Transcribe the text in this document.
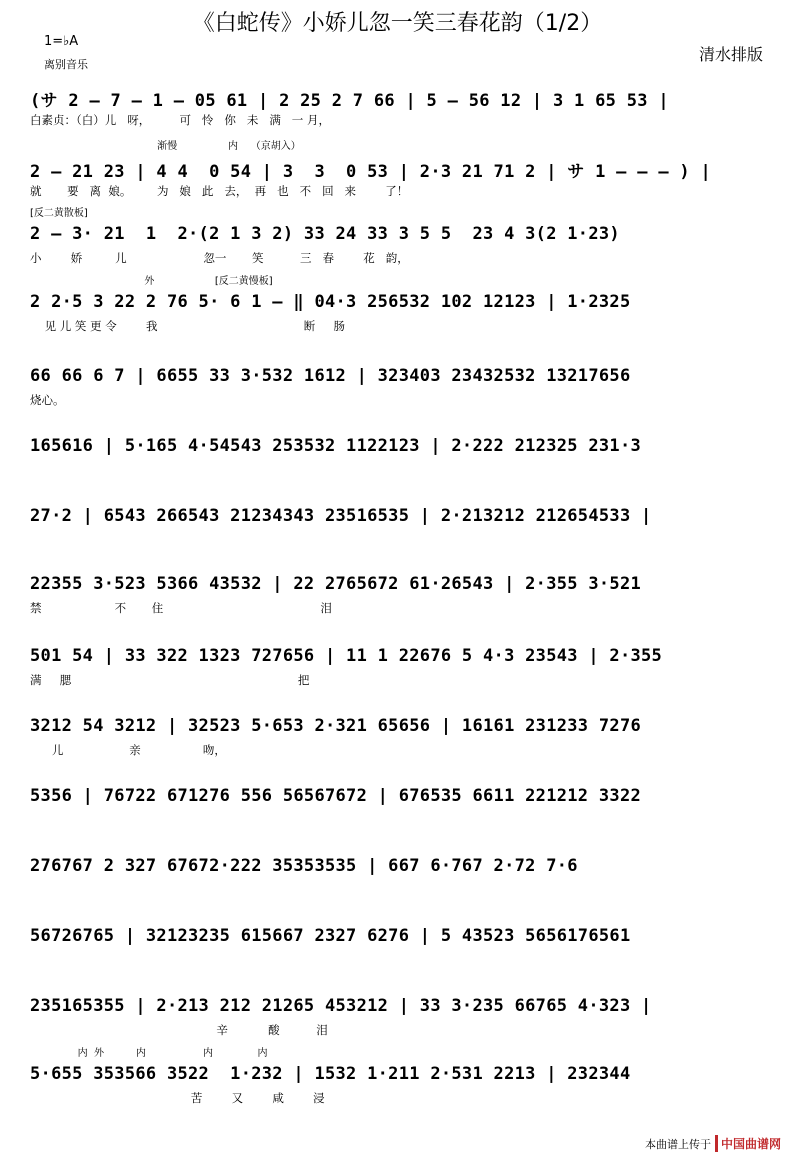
《白蛇传》小娇儿忽一笑三春花韵（1/2）
清水排版
1=♭A
离别音乐
(サ 2 — 7 — 1 — 05 61 | 2 25 2 7 66 | 5 — 56 12 | 3 1 65 53 |
白素贞：（白）儿   呀，        可   怜   你   未   满   一 月，
渐慢                内    （京胡入）
2 — 21 23 | 4 4  0 54 | 3  3  0 53 | 2·3 21 71 2 | サ 1 — — — ) |
就       要   离  娘。       为   娘   此   去，  再   也   不   回   来        了！
[反二黄散板]
2 — 3· 21  1  2·(2 1 3 2) 33 24 33 3 5 5  23 4 3(2 1·23)
小        娇         儿                     忽一       笑          三   春        花   韵，
外                   [反二黄慢板]
2 2·5 3 22 2 76 5· 6 1 — ‖ 04·3 256532 102 12123 | 1·2325
见 儿 笑 更 令        我                                        断     肠
66 66 6 7 | 6655 33 3·532 1612 | 323403 23432532 13217656
烧心。
165616 | 5·165 4·54543 253532 1122123 | 2·222 212325 231·3
27·2 | 6543 266543 21234343 23516535 | 2·213212 212654533 |
22355 3·523 5366 43532 | 22 2765672 61·26543 | 2·355 3·521
禁                    不       住                                           泪
501 54 | 33 322 1323 727656 | 11 1 22676 5 4·3 23543 | 2·355
满     腮                                                              把
3212 54 3212 | 32523 5·653 2·321 65656 | 16161 231233 7276
儿                  亲                 吻，
5356 | 76722 671276 556 56567672 | 676535 6611 221212 3322
276767 2 327 67672·222 35353535 | 667 6·767 2·72 7·6
56726765 | 32123235 615667 2327 6276 | 5 43523 5656176561
235165355 | 2·213 212 21265 453212 | 33 3·235 66765 4·323 |
辛           酸          泪
内  外          内                  内              内
5·655 353566 3522  1·232 | 1532 1·211 2·531 2213 | 232344
苦        又        咸        浸
本曲谱上传于 中国曲谱网
